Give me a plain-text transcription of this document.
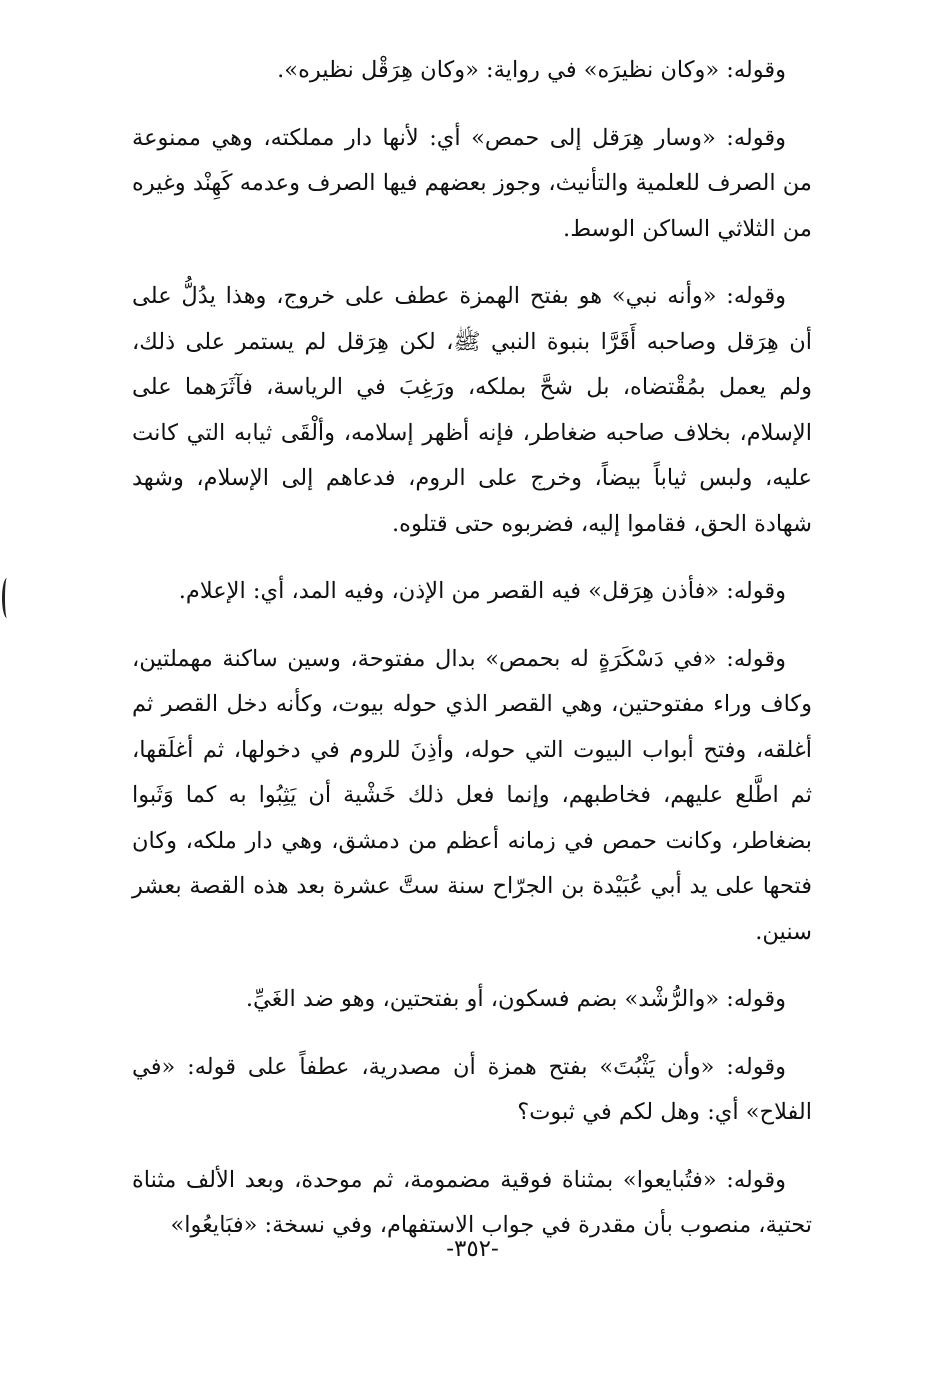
وقوله: «وكان نظيرَه» في رواية: «وكان هِرَقْل نظيره».

وقوله: «وسار هِرَقل إلى حمص» أي: لأنها دار مملكته، وهي ممنوعة من الصرف للعلمية والتأنيث، وجوز بعضهم فيها الصرف وعدمه كَهِنْد وغيره من الثلاثي الساكن الوسط.

وقوله: «وأنه نبي» هو بفتح الهمزة عطف على خروج، وهذا يدُلُّ على أن هِرَقل وصاحبه أَقَرَّا بنبوة النبي ﷺ، لكن هِرَقل لم يستمر على ذلك، ولم يعمل بمُقْتضاه، بل شحَّ بملكه، ورَغِبَ في الرياسة، فآثَرَهما على الإسلام، بخلاف صاحبه ضغاطر، فإنه أظهر إسلامه، وألْقَى ثيابه التي كانت عليه، ولبس ثياباً بيضاً، وخرج على الروم، فدعاهم إلى الإسلام، وشهد شهادة الحق، فقاموا إليه، فضربوه حتى قتلوه.

وقوله: «فأذن هِرَقل» فيه القصر من الإذن، وفيه المد، أي: الإعلام.

وقوله: «في دَسْكَرَةٍ له بحمص» بدال مفتوحة، وسين ساكنة مهملتين، وكاف وراء مفتوحتين، وهي القصر الذي حوله بيوت، وكأنه دخل القصر ثم أغلقه، وفتح أبواب البيوت التي حوله، وأذِنَ للروم في دخولها، ثم أغلَقها، ثم اطَّلع عليهم، فخاطبهم، وإنما فعل ذلك خَشْية أن يَثِبُوا به كما وَثَبوا بضغاطر، وكانت حمص في زمانه أعظم من دمشق، وهي دار ملكه، وكان فتحها على يد أبي عُبَيْدة بن الجرّاح سنة ستَّ عشرة بعد هذه القصة بعشر سنين.

وقوله: «والرُّشْد» بضم فسكون، أو بفتحتين، وهو ضد الغَيِّ.

وقوله: «وأن يَثْبُتَ» بفتح همزة أن مصدرية، عطفاً على قوله: «في الفلاح» أي: وهل لكم في ثبوت؟

وقوله: «فتُبايعوا» بمثناة فوقية مضمومة، ثم موحدة، وبعد الألف مثناة تحتية، منصوب بأن مقدرة في جواب الاستفهام، وفي نسخة: «فبَايعُوا»

-٣٥٢-
